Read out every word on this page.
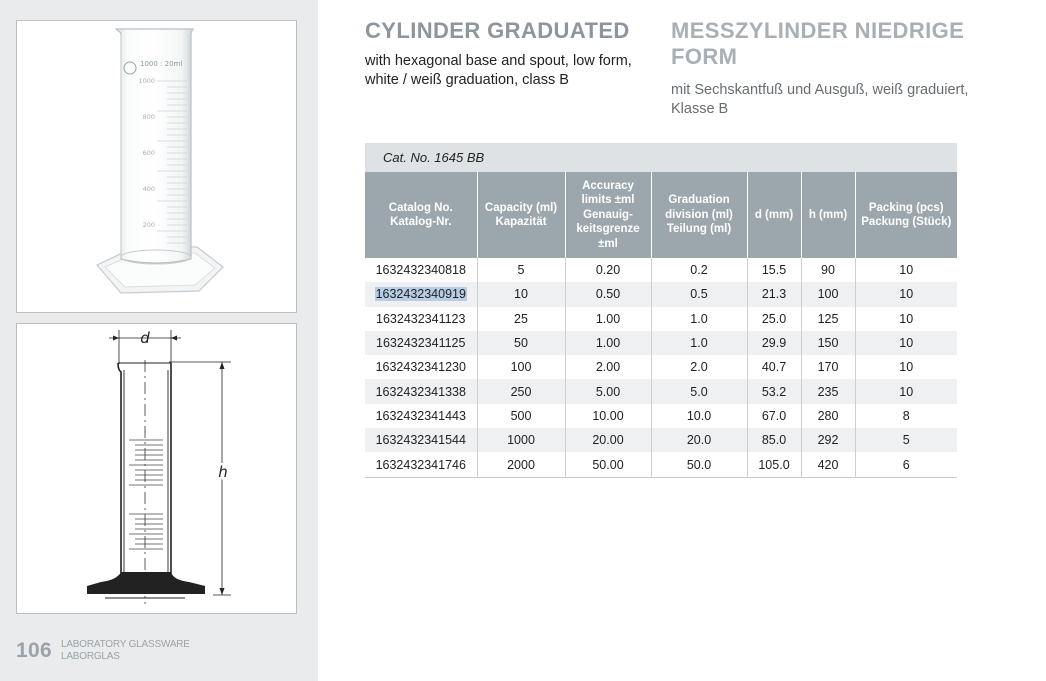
1000 : 20ml
1000
800
600
400
200
d
h
106 LABORATORY GLASSWARE
LABORGLAS
CYLINDER GRADUATED

with hexagonal base and spout, low form, white / weiß graduation, class B

MESSZYLINDER NIEDRIGE FORM

mit Sechskantfuß und Ausguß, weiß graduiert, Klasse B

Cat. No. 1645 BB
Catalog No.
Katalog-Nr.	Capacity (ml)
Kapazität	Accuracy
limits ±ml
Genauig-
keitsgrenze
±ml	Graduation
division (ml)
Teilung (ml)	d (mm)	h (mm)	Packing (pcs)
Packung (Stück)

1632432340818	5	0.20	0.2	15.5	90	10
1632432340919	10	0.50	0.5	21.3	100	10
1632432341123	25	1.00	1.0	25.0	125	10
1632432341125	50	1.00	1.0	29.9	150	10
1632432341230	100	2.00	2.0	40.7	170	10
1632432341338	250	5.00	5.0	53.2	235	10
1632432341443	500	10.00	10.0	67.0	280	8
1632432341544	1000	20.00	20.0	85.0	292	5
1632432341746	2000	50.00	50.0	105.0	420	6
